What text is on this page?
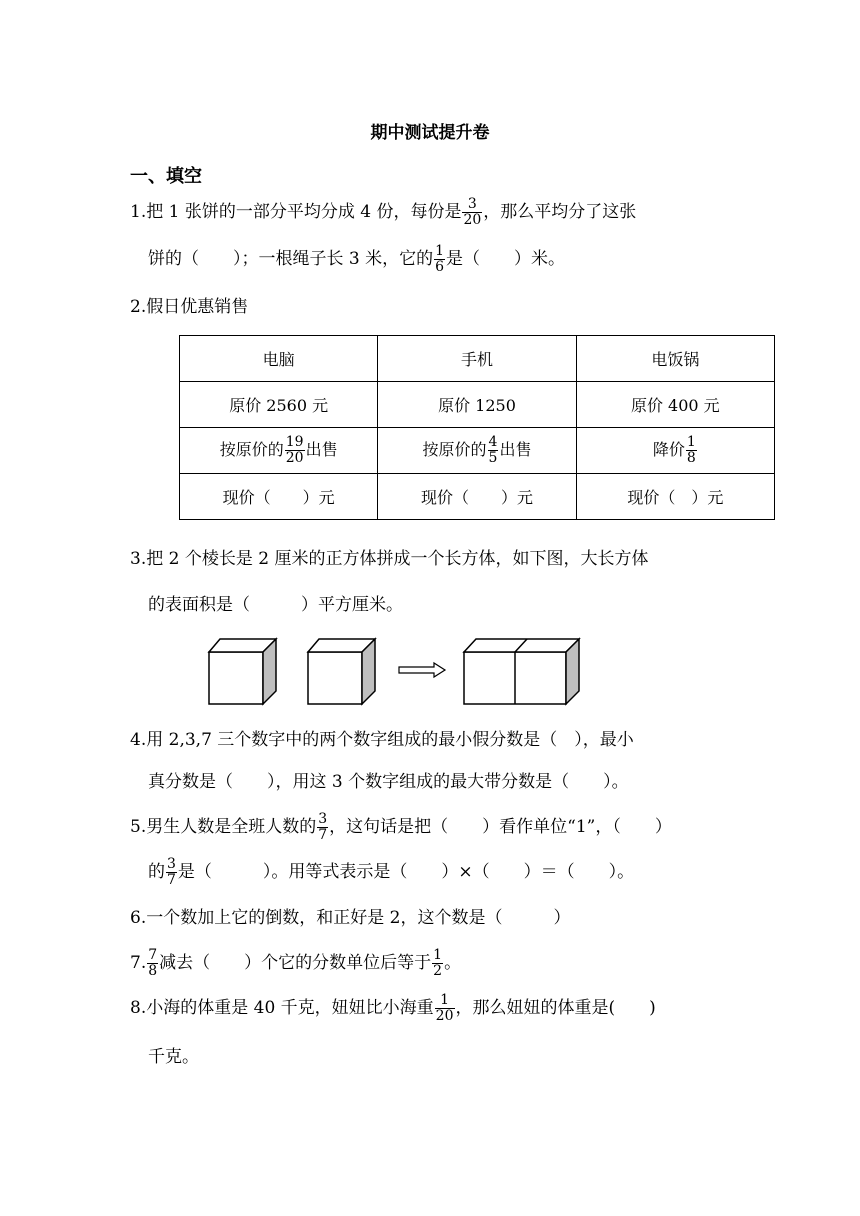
期中测试提升卷
一、填空
1.把 1 张饼的一部分平均分成 4 份，每份是 $\frac{3}{20}$ ，那么平均分了这张
饼的（　　）；一根绳子长 3 米，它的 $\frac{1}{6}$ 是（　　）米。
2.假日优惠销售
电脑	手机	电饭锅
原价 2560 元	原价 1250	原价 400 元
按原价的 $\frac{19}{20}$ 出售	按原价的 $\frac{4}{5}$ 出售	降价 $\frac{1}{8}$

现价（　　）元	现价（　　）元	现价（　）元
3.把 2 个棱长是 2 厘米的正方体拼成一个长方体，如下图，大长方体
的表面积是（　　　）平方厘米。
4.用 2,3,7 三个数字中的两个数字组成的最小假分数是（　），最小
真分数是（　　），用这 3 个数字组成的最大带分数是（　　）。
5.男生人数是全班人数的 $\frac{3}{7}$ ，这句话是把（　　）看作单位“1”，（　　）
的 $\frac{3}{7}$ 是（　　　）。用等式表示是（　　）×（　　）＝（　　）。
6.一个数加上它的倒数，和正好是 2，这个数是（　　　）
7. $\frac{7}{8}$ 减去（　　）个它的分数单位后等于 $\frac{1}{2}$ 。
8.小海的体重是 40 千克，妞妞比小海重 $\frac{1}{20}$ ，那么妞妞的体重是(　　)
千克。
